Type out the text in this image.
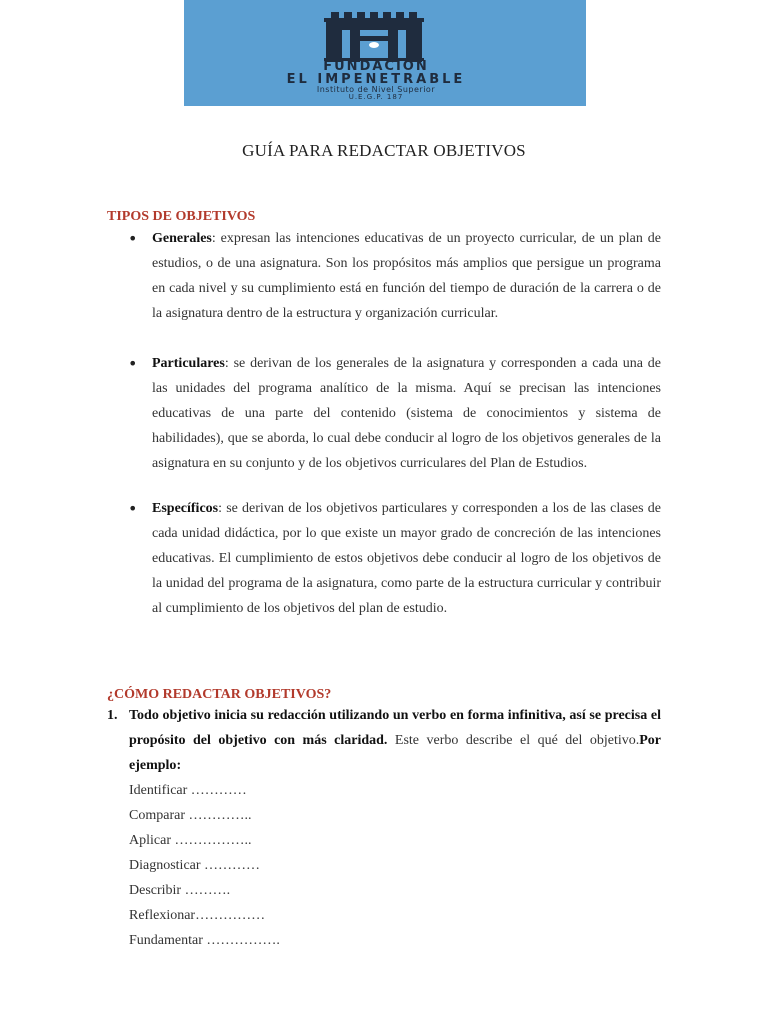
FUNDACIÓN
EL IMPENETRABLE
Instituto de Nivel Superior
U.E.G.P. 187
GUÍA PARA REDACTAR OBJETIVOS
TIPOS DE OBJETIVOS
• Generales: expresan las intenciones educativas de un proyecto curricular, de un plan de estudios, o de una asignatura. Son los propósitos más amplios que persigue un programa en cada nivel y su cumplimiento está en función del tiempo de duración de la carrera o de la asignatura dentro de la estructura y organización curricular.
• Particulares: se derivan de los generales de la asignatura y corresponden a cada una de las unidades del programa analítico de la misma. Aquí se precisan las intenciones educativas de una parte del contenido (sistema de conocimientos y sistema de habilidades), que se aborda, lo cual debe conducir al logro de los objetivos generales de la asignatura en su conjunto y de los objetivos curriculares del Plan de Estudios.
• Específicos: se derivan de los objetivos particulares y corresponden a los de las clases de cada unidad didáctica, por lo que existe un mayor grado de concreción de las intenciones educativas. El cumplimiento de estos objetivos debe conducir al logro de los objetivos de la unidad del programa de la asignatura, como parte de la estructura curricular y contribuir al cumplimiento de los objetivos del plan de estudio.
¿CÓMO REDACTAR OBJETIVOS?
1. Todo objetivo inicia su redacción utilizando un verbo en forma infinitiva, así se precisa el propósito del objetivo con más claridad. Este verbo describe el qué del objetivo.Por ejemplo:
Identificar …………
Comparar …………..
Aplicar ……………..
Diagnosticar …………
Describir ……….
Reflexionar……………
Fundamentar …………….
